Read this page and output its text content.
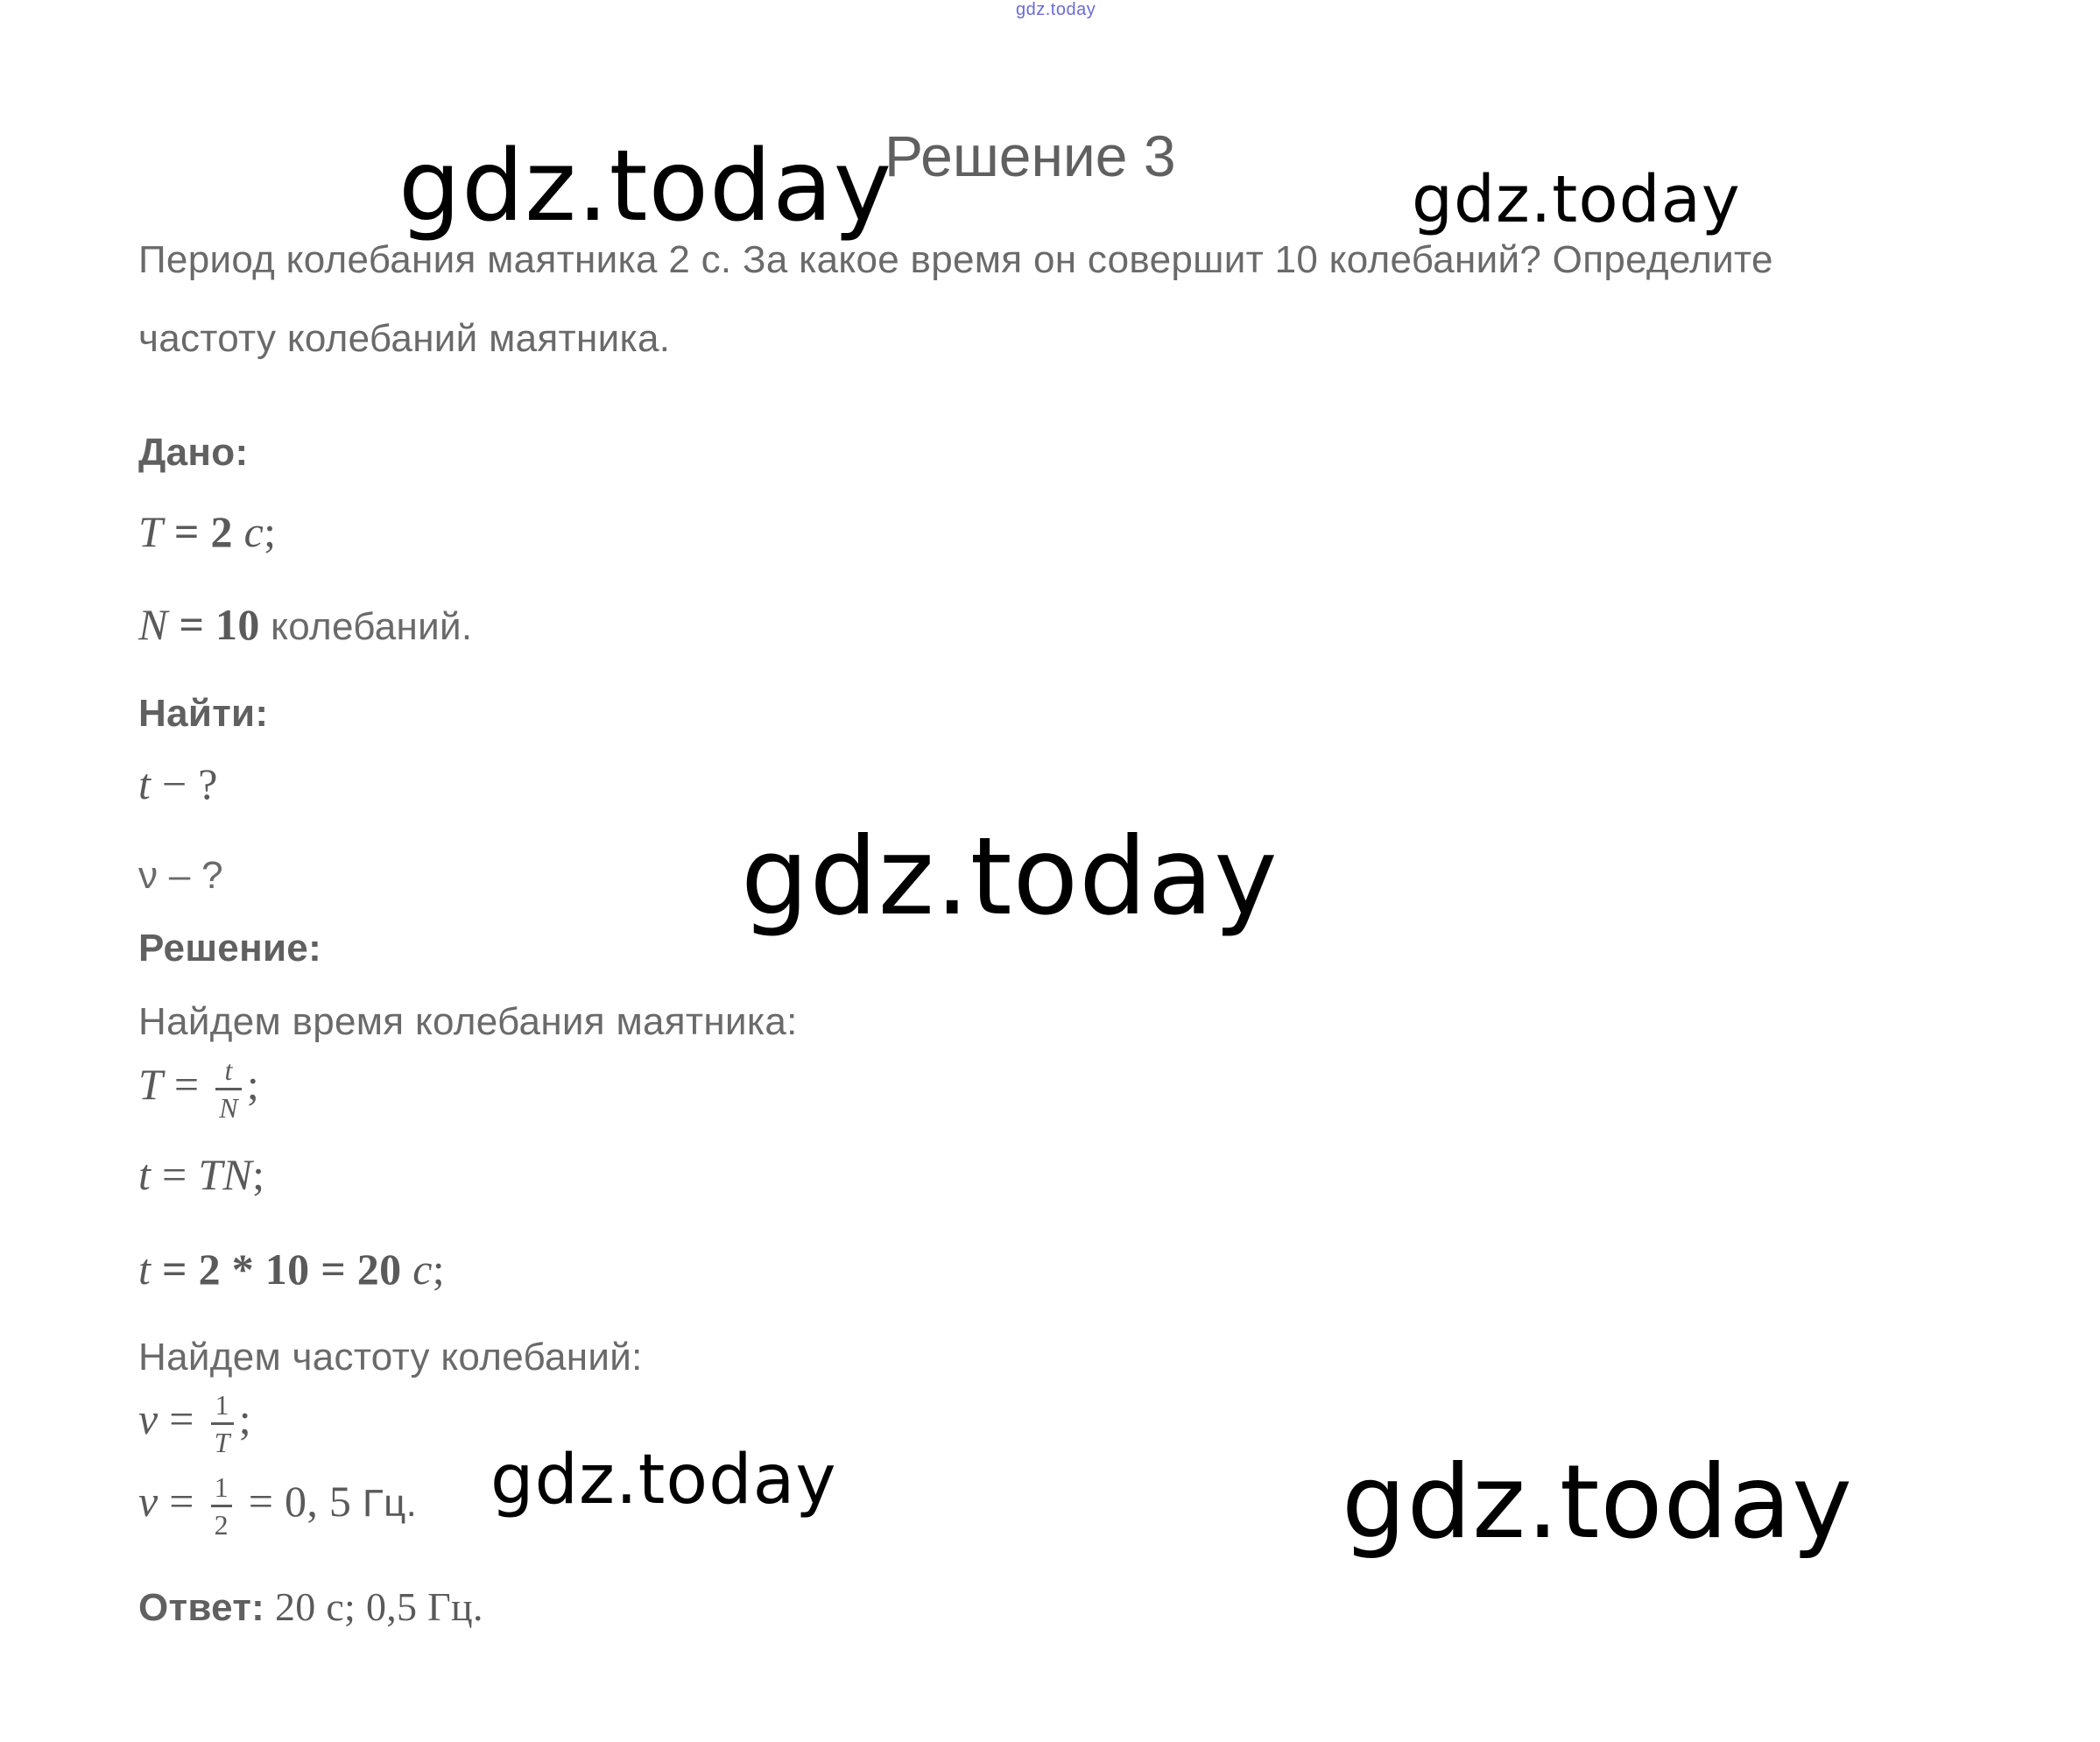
gdz.today
Решение 3
Период колебания маятника 2 с. За какое время он совершит 10 колебаний? Определите
частоту колебаний маятника.
Дано:
T = 2 с;
N = 10 колебаний.
Найти:
t − ?
ν – ?
Решение:
Найдем время колебания маятника:
$T = \frac{t}{N}$ ;
t = TN;
t = 2 * 10 = 20 с;
Найдем частоту колебаний:
$\nu = \frac{1}{T}$ ;
$\nu = \frac{1}{2} = 0$, 5 Гц.
Ответ: 20 с; 0,5 Гц.
gdz.today	gdz.today
gdz.today
gdz.today	gdz.today
